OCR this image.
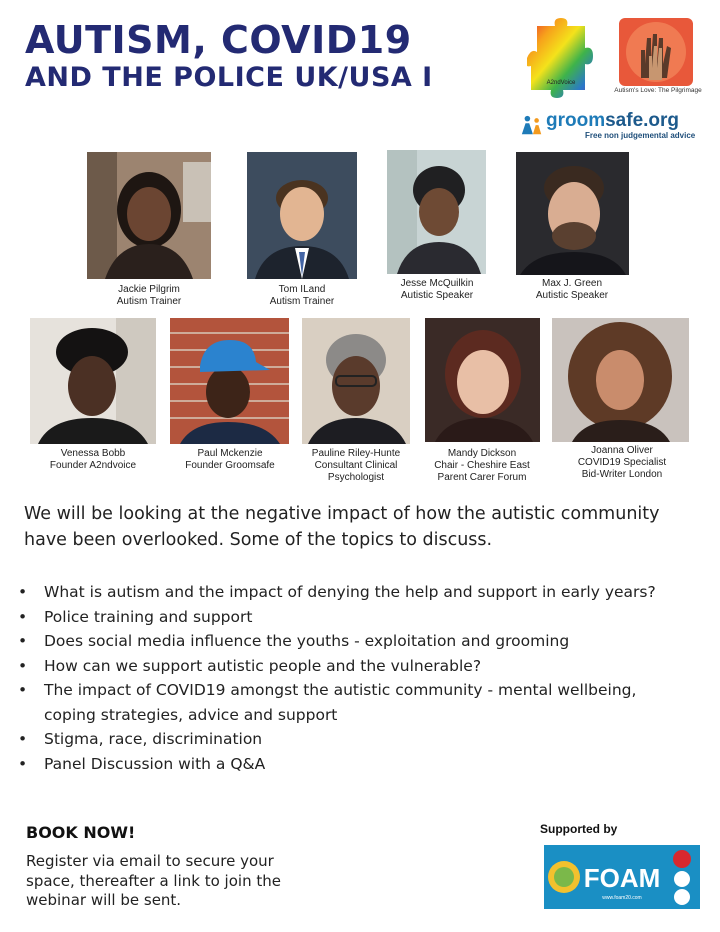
AUTISM, COVID19
AND THE POLICE UK/USA I	A2ndVoice
Autism's Love: The Pilgrimage
groomsafe.org
Free non judgemental advice
Jackie Pilgrim
Autism Trainer
Tom ILand
Autism Trainer
Jesse McQuilkin
Autistic Speaker
Max J. Green
Autistic Speaker
Venessa Bobb
Founder A2ndvoice
Paul Mckenzie
Founder Groomsafe
Pauline Riley-Hunte
Consultant Clinical
Psychologist
Mandy Dickson
Chair - Cheshire East
Parent Carer Forum
Joanna Oliver
COVID19 Specialist
Bid-Writer London
We will be looking at the negative impact of how the autistic community
have been overlooked. Some of the topics to discuss.
• What is autism and the impact of denying the help and support in early years?
• Police training and support
• Does social media influence the youths - exploitation and grooming
• How can we support autistic people and the vulnerable?
• The impact of COVID19 amongst the autistic community - mental wellbeing,
coping strategies, advice and support
• Stigma, race, discrimination
• Panel Discussion with a Q&A
BOOK NOW!
Register via email to secure your
space, thereafter a link to join the
webinar will be sent.
Supported by
FOAM
www.foam20.com
